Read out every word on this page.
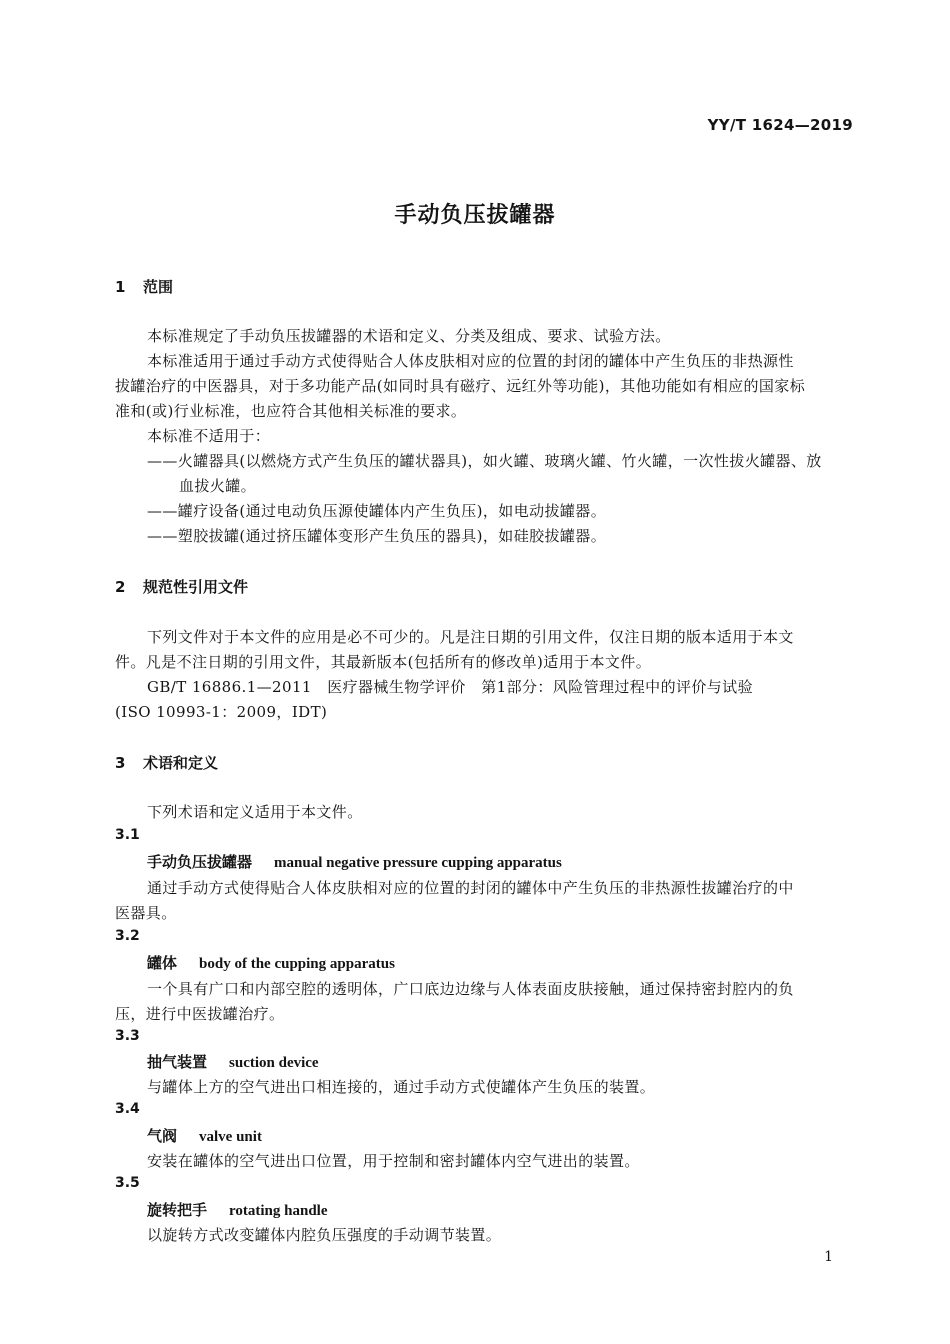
YY/T 1624—2019
手动负压拔罐器
1 范围
本标准规定了手动负压拔罐器的术语和定义、分类及组成、要求、试验方法。
本标准适用于通过手动方式使得贴合人体皮肤相对应的位置的封闭的罐体中产生负压的非热源性
拔罐治疗的中医器具，对于多功能产品(如同时具有磁疗、远红外等功能)，其他功能如有相应的国家标
准和(或)行业标准，也应符合其他相关标准的要求。
本标准不适用于：
——火罐器具(以燃烧方式产生负压的罐状器具)，如火罐、玻璃火罐、竹火罐，一次性拔火罐器、放
血拔火罐。
——罐疗设备(通过电动负压源使罐体内产生负压)，如电动拔罐器。
——塑胶拔罐(通过挤压罐体变形产生负压的器具)，如硅胶拔罐器。
2 规范性引用文件
下列文件对于本文件的应用是必不可少的。凡是注日期的引用文件，仅注日期的版本适用于本文
件。凡是不注日期的引用文件，其最新版本(包括所有的修改单)适用于本文件。
GB/T 16886.1—2011　医疗器械生物学评价　第1部分：风险管理过程中的评价与试验
(ISO 10993-1：2009，IDT)
3 术语和定义
下列术语和定义适用于本文件。
3.1
手动负压拔罐器 manual negative pressure cupping apparatus
通过手动方式使得贴合人体皮肤相对应的位置的封闭的罐体中产生负压的非热源性拔罐治疗的中
医器具。
3.2
罐体 body of the cupping apparatus
一个具有广口和内部空腔的透明体，广口底边边缘与人体表面皮肤接触，通过保持密封腔内的负
压，进行中医拔罐治疗。
3.3
抽气装置 suction device
与罐体上方的空气进出口相连接的，通过手动方式使罐体产生负压的装置。
3.4
气阀 valve unit
安装在罐体的空气进出口位置，用于控制和密封罐体内空气进出的装置。
3.5
旋转把手 rotating handle
以旋转方式改变罐体内腔负压强度的手动调节装置。
1
